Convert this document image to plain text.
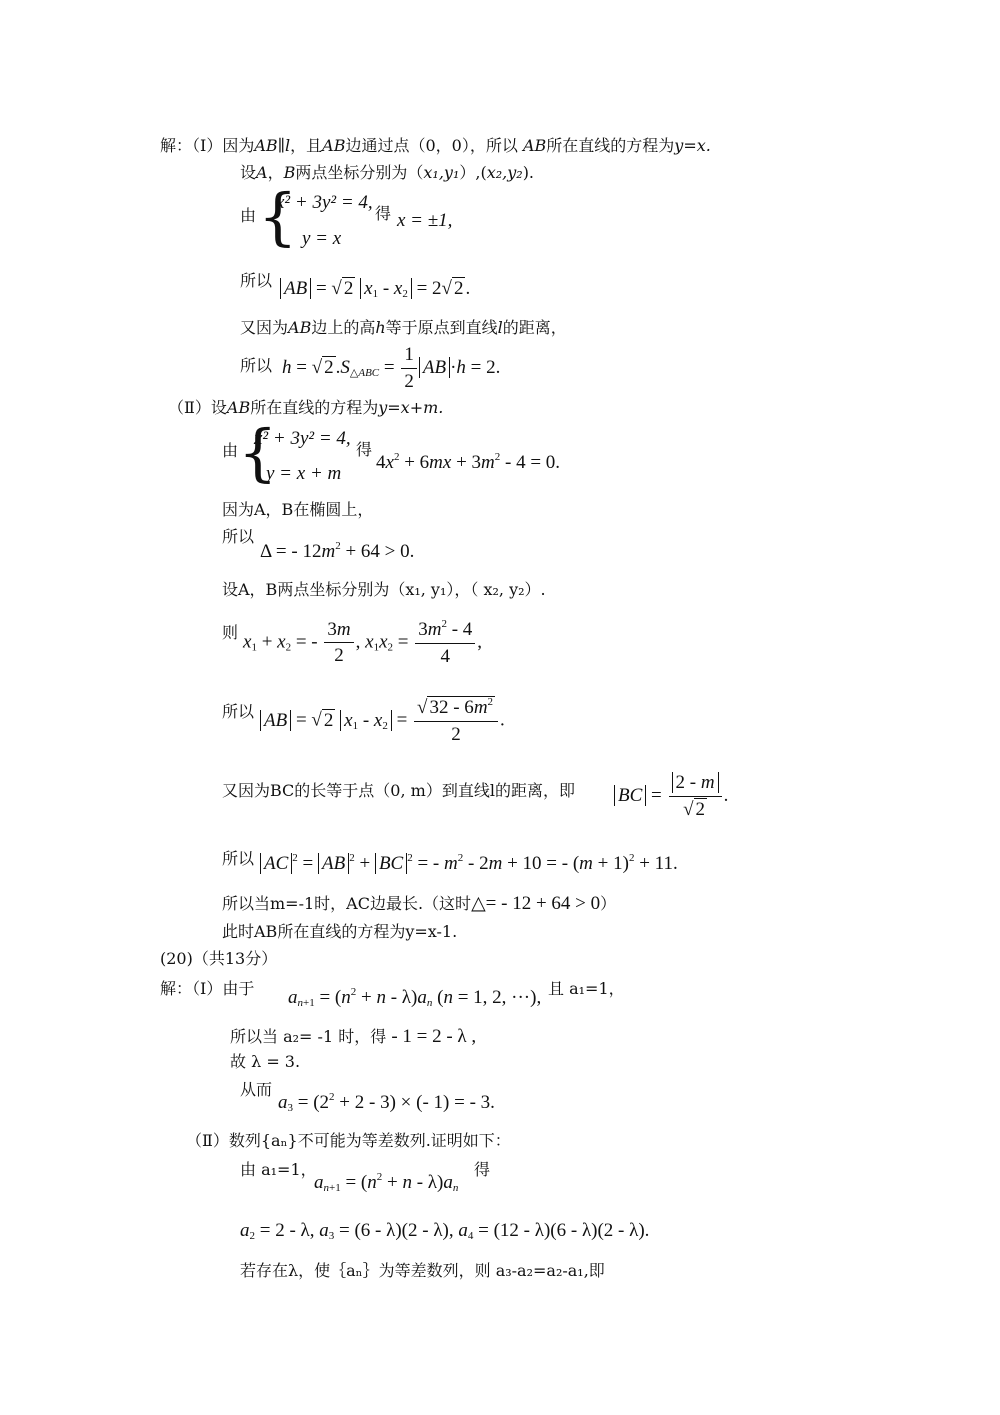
解：（Ⅰ）因为AB∥l，且AB边通过点（0，0），所以 AB所在直线的方程为y=x.
设A，B两点坐标分别为（x₁,y₁）,(x₂,y₂).
由 {
x² + 3y² = 4,
y = x
得 x = ±1,
所以 AB = √ 2 $x_1 - x_2 = 2√$ 2 .
又因为AB边上的高h等于原点到直线l的距离，
所以 h = √ 2 $.S_{\triangle ABC} = \frac{1}{2}$ AB ·h = 2.
（Ⅱ）设AB所在直线的方程为y=x+m.
由 {
x² + 3y² = 4,
y = x + m
得
$4x^2 + 6mx + 3m^2 - 4 = 0$.
因为A，B在椭圆上，
所以
Δ = - $12m^2 + 64 > 0$.
设A，B两点坐标分别为（x₁, y₁），（ x₂, y₂）.
则 $x_1 + x_2$ = - $\frac{3m}{2}$ , $x_1x_2 = \frac{3m^2 - 4}{4}$ ,
所以 AB = √ 2 $x_1 - x_2 = \frac{√ 32 - 6m^2}{2}$ .
又因为BC的长等于点（0, m）到直线l的距离，即 BC = $\frac{2 - m}{√ 2}$ .
所以 AC $^2$ = AB $^2$ + BC $^2$ = - $m^2 - 2m + 10$ = - $(m + 1)^2 + 11$.
所以当m=-1时，AC边最长.（这时△= - 12 + 64 > 0）
此时AB所在直线的方程为y=x-1.
(20)（共13分）
解：（Ⅰ）由于 $a_{n+1} = (n^2 + n - \lambda)a_n$ (n = 1, 2, ···), 且 a₁=1，
所以当 a₂= -1 时，得 - 1 = 2 - λ ,
故 λ = 3.
从而
$a_3 = (2^2 + 2 - 3)$ × (- 1) = - 3.
（Ⅱ）数列{aₙ}不可能为等差数列.证明如下：
由 a₁=1，
$a_{n+1} = (n^2 + n - \lambda)a_n$
得
$a_2 = 2 - \lambda$, $a_3 = (6 - \lambda)(2 - \lambda)$, $a_4 = (12 - \lambda)(6 - \lambda)(2 - \lambda)$.
若存在λ，使｛aₙ｝为等差数列，则 a₃-a₂=a₂-a₁,即
